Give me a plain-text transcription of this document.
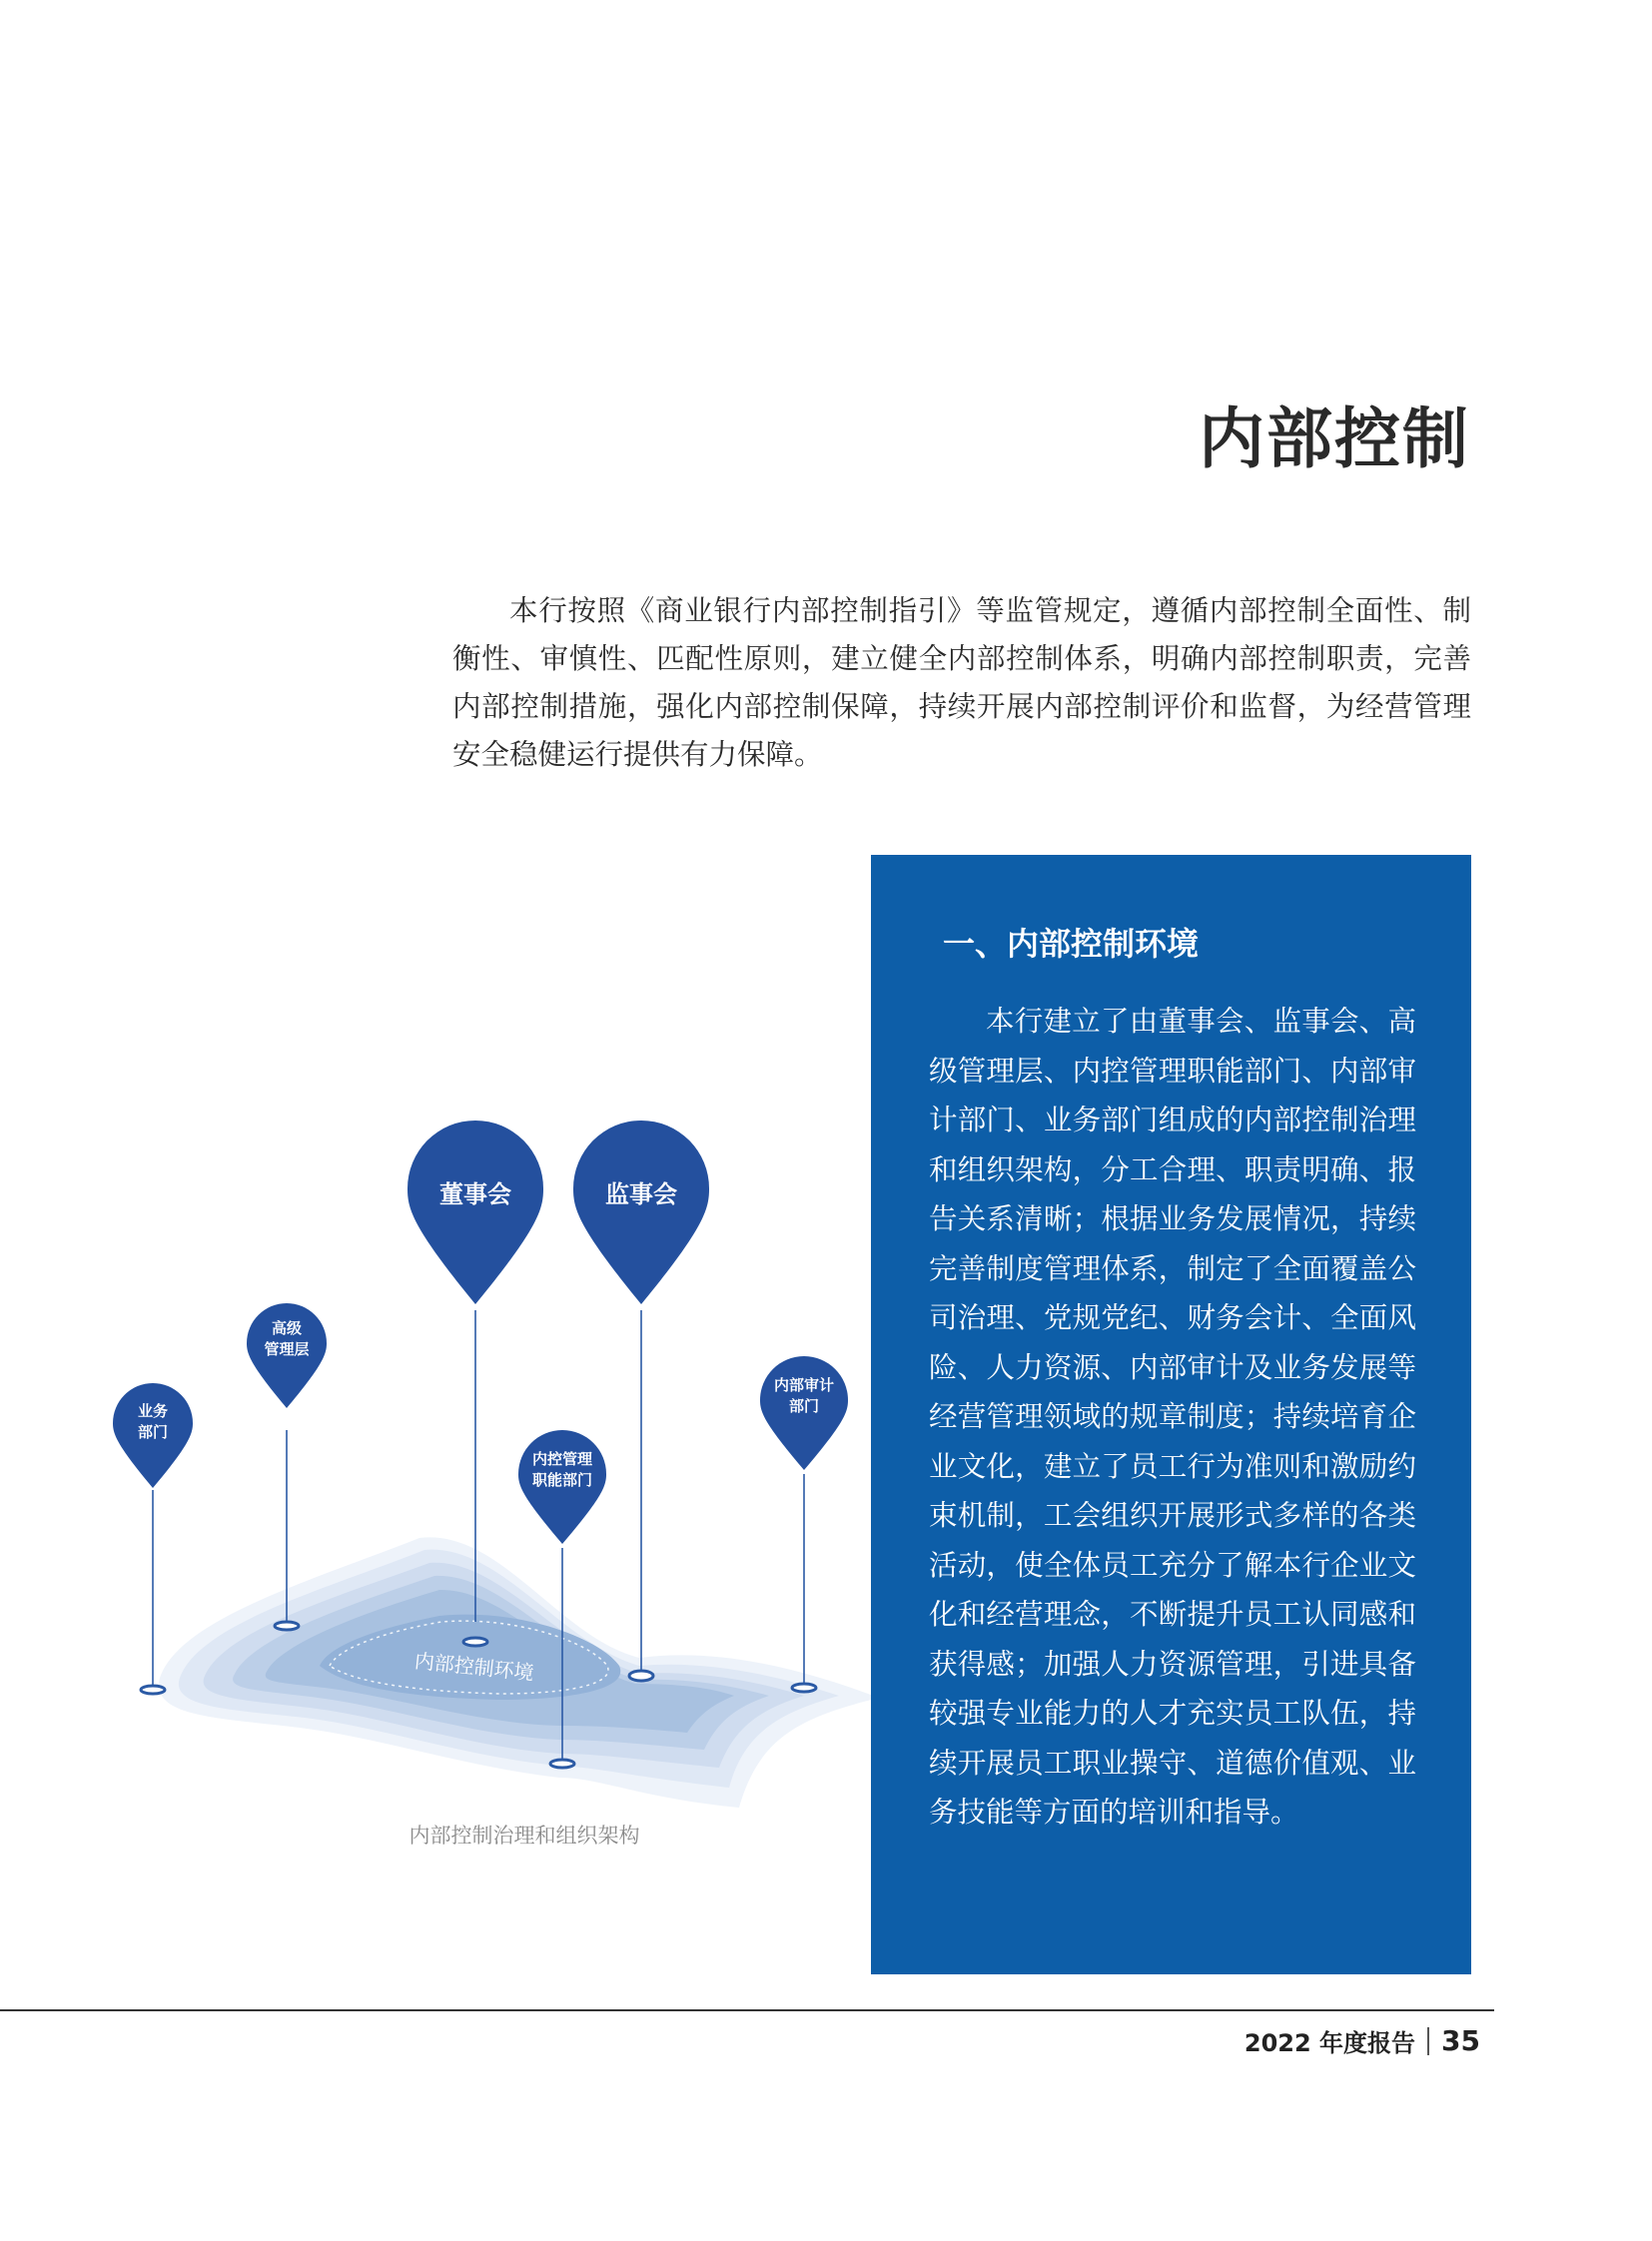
内部控制

本行按照《商业银行内部控制指引》等监管规定，遵循内部控制全面性、制衡性、审慎性、匹配性原则，建立健全内部控制体系，明确内部控制职责，完善内部控制措施，强化内部控制保障，持续开展内部控制评价和监督，为经营管理安全稳健运行提供有力保障。

内部控制环境
董事会	监事会
高级
管理层
业务
部门
内控管理
职能部门
内部审计
部门

内部控制治理和组织架构

一、内部控制环境

本行建立了由董事会、监事会、高级管理层、内控管理职能部门、内部审计部门、业务部门组成的内部控制治理和组织架构，分工合理、职责明确、报告关系清晰；根据业务发展情况，持续完善制度管理体系，制定了全面覆盖公司治理、党规党纪、财务会计、全面风险、人力资源、内部审计及业务发展等经营管理领域的规章制度；持续培育企业文化，建立了员工行为准则和激励约束机制，工会组织开展形式多样的各类活动，使全体员工充分了解本行企业文化和经营理念，不断提升员工认同感和获得感；加强人力资源管理，引进具备较强专业能力的人才充实员工队伍，持续开展员工职业操守、道德价值观、业务技能等方面的培训和指导。

2022 年度报告 35
